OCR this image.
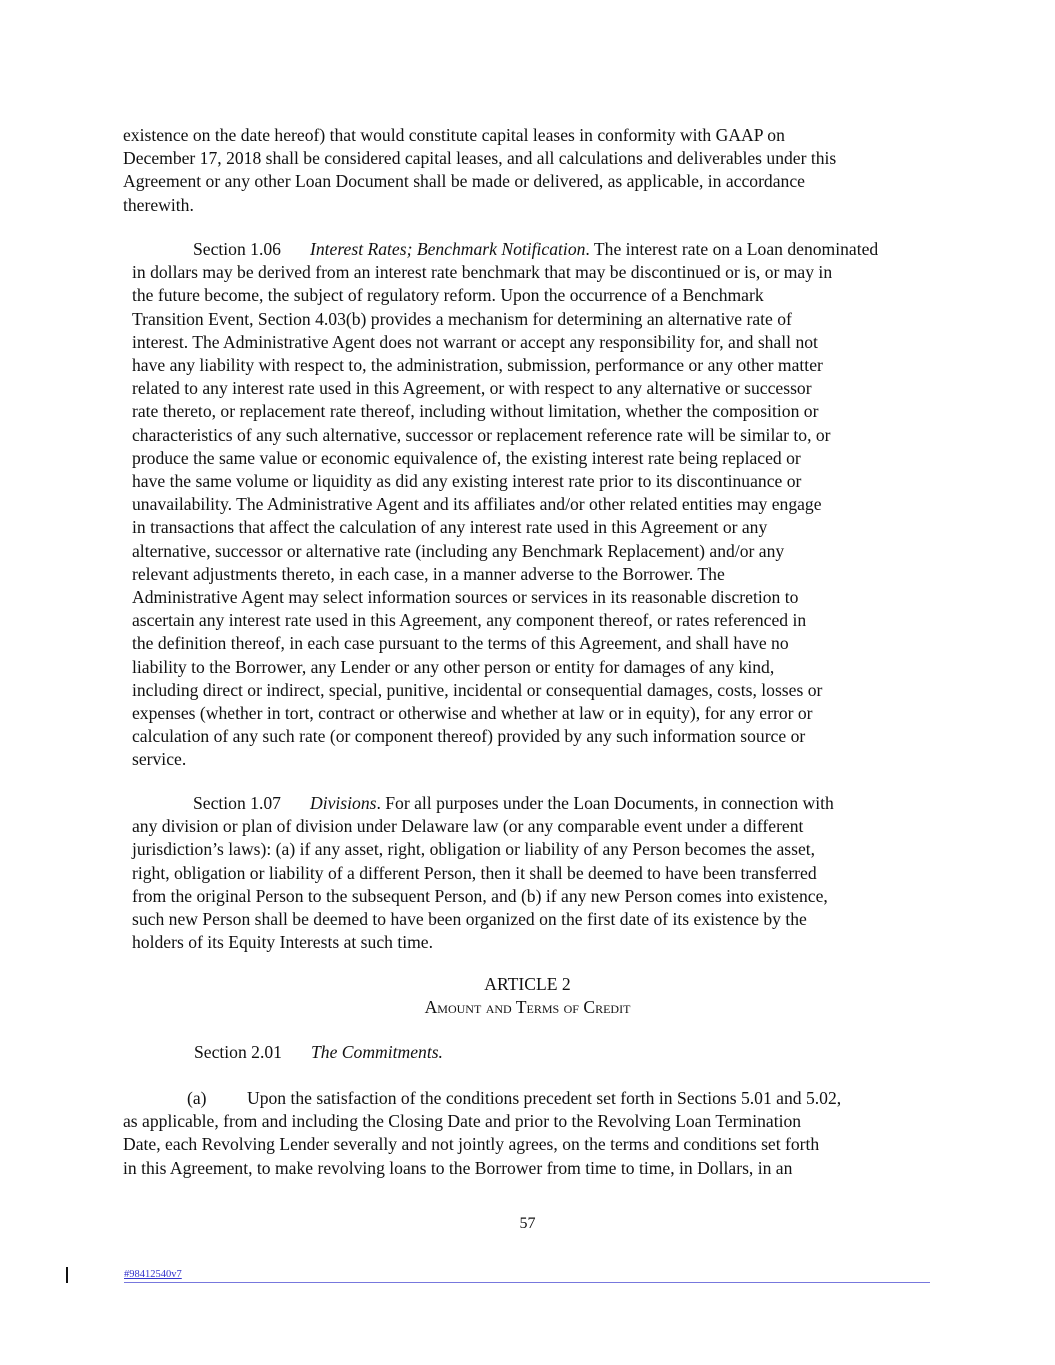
existence on the date hereof) that would constitute capital leases in conformity with GAAP on
December 17, 2018 shall be considered capital leases, and all calculations and deliverables under this
Agreement or any other Loan Document shall be made or delivered, as applicable, in accordance
therewith.

Section 1.06 Interest Rates; Benchmark Notification. The interest rate on a Loan denominated
in dollars may be derived from an interest rate benchmark that may be discontinued or is, or may in
the future become, the subject of regulatory reform. Upon the occurrence of a Benchmark
Transition Event, Section 4.03(b) provides a mechanism for determining an alternative rate of
interest. The Administrative Agent does not warrant or accept any responsibility for, and shall not
have any liability with respect to, the administration, submission, performance or any other matter
related to any interest rate used in this Agreement, or with respect to any alternative or successor
rate thereto, or replacement rate thereof, including without limitation, whether the composition or
characteristics of any such alternative, successor or replacement reference rate will be similar to, or
produce the same value or economic equivalence of, the existing interest rate being replaced or
have the same volume or liquidity as did any existing interest rate prior to its discontinuance or
unavailability. The Administrative Agent and its affiliates and/or other related entities may engage
in transactions that affect the calculation of any interest rate used in this Agreement or any
alternative, successor or alternative rate (including any Benchmark Replacement) and/or any
relevant adjustments thereto, in each case, in a manner adverse to the Borrower. The
Administrative Agent may select information sources or services in its reasonable discretion to
ascertain any interest rate used in this Agreement, any component thereof, or rates referenced in
the definition thereof, in each case pursuant to the terms of this Agreement, and shall have no
liability to the Borrower, any Lender or any other person or entity for damages of any kind,
including direct or indirect, special, punitive, incidental or consequential damages, costs, losses or
expenses (whether in tort, contract or otherwise and whether at law or in equity), for any error or
calculation of any such rate (or component thereof) provided by any such information source or
service.

Section 1.07 Divisions. For all purposes under the Loan Documents, in connection with
any division or plan of division under Delaware law (or any comparable event under a different
jurisdiction’s laws): (a) if any asset, right, obligation or liability of any Person becomes the asset,
right, obligation or liability of a different Person, then it shall be deemed to have been transferred
from the original Person to the subsequent Person, and (b) if any new Person comes into existence,
such new Person shall be deemed to have been organized on the first date of its existence by the
holders of its Equity Interests at such time.

ARTICLE 2
Amount and Terms of Credit
Section 2.01 The Commitments.

(a) Upon the satisfaction of the conditions precedent set forth in Sections 5.01 and 5.02,
as applicable, from and including the Closing Date and prior to the Revolving Loan Termination
Date, each Revolving Lender severally and not jointly agrees, on the terms and conditions set forth
in this Agreement, to make revolving loans to the Borrower from time to time, in Dollars, in an

57
#98412540v7
